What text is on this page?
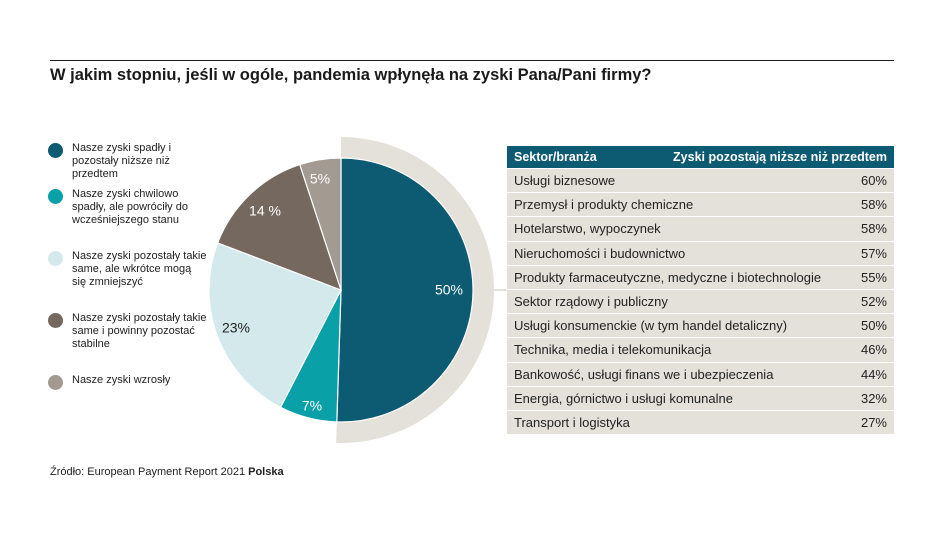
W jakim stopniu, jeśli w ogóle, pandemia wpłynęła na zyski Pana/Pani firmy?
Nasze zyski spadły i pozostały niższe niż przedtem
Nasze zyski chwilowo spadły, ale powróciły do wcześniejszego stanu
Nasze zyski pozostały takie same, ale wkrótce mogą się zmniejszyć
Nasze zyski pozostały takie same i powinny pozostać stabilne
Nasze zyski wzrosły
50%
7%
23%
14 %
5%
Sektor/branża	Zyski pozostają niższe niż przedtem
Usługi biznesowe	60%
Przemysł i produkty chemiczne	58%
Hotelarstwo, wypoczynek	58%
Nieruchomości i budownictwo	57%
Produkty farmaceutyczne, medyczne i biotechnologie	55%
Sektor rządowy i publiczny	52%
Usługi konsumenckie (w tym handel detaliczny)	50%
Technika, media i telekomunikacja	46%
Bankowość, usługi finans we i ubezpieczenia	44%
Energia, górnictwo i usługi komunalne	32%
Transport i logistyka	27%
Źródło: European Payment Report 2021 Polska
